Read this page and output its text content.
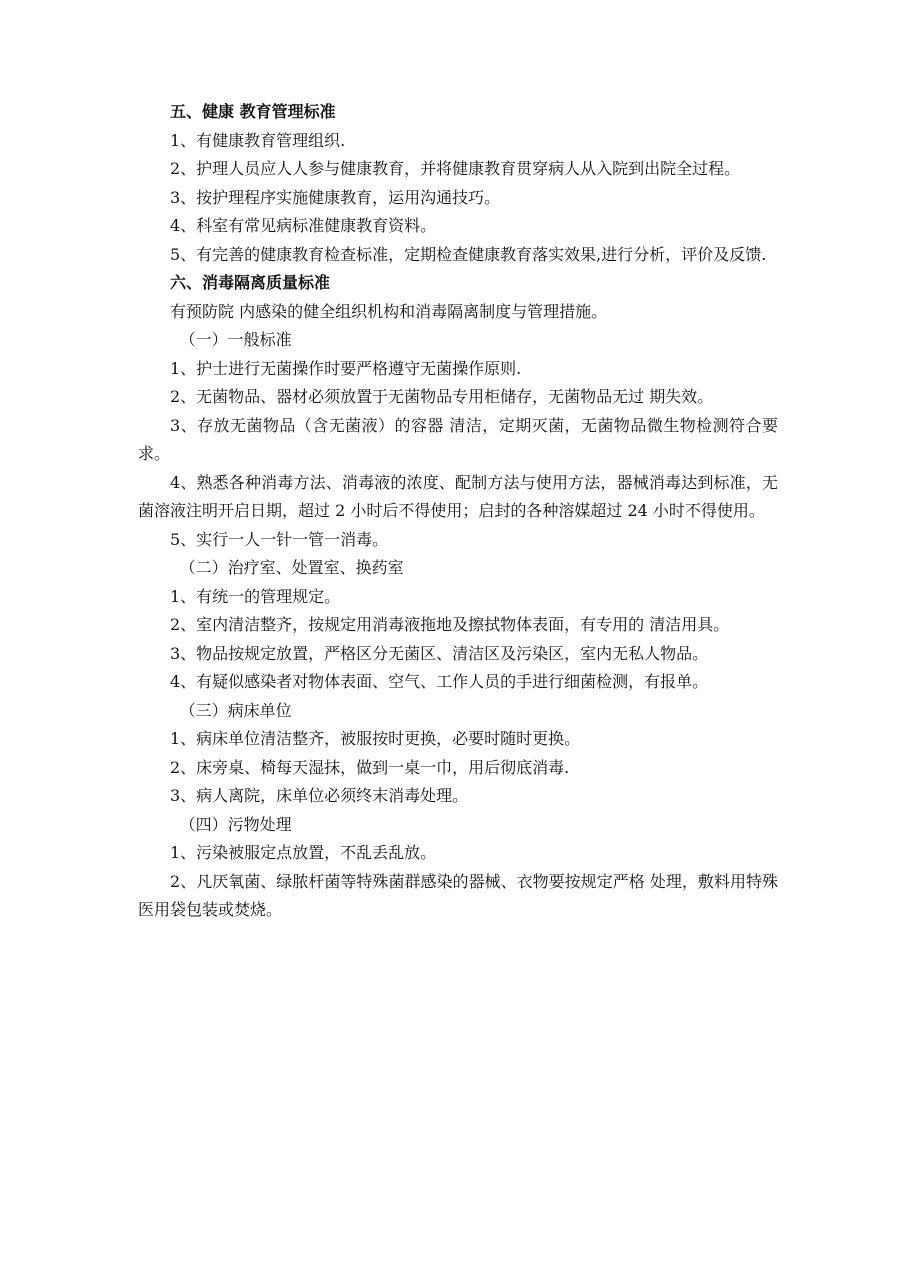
五、健康 教育管理标准

1、有健康教育管理组织.

2、护理人员应人人参与健康教育，并将健康教育贯穿病人从入院到出院全过程。

3、按护理程序实施健康教育，运用沟通技巧。

4、科室有常见病标准健康教育资料。

5、有完善的健康教育检查标准，定期检查健康教育落实效果,进行分析，评价及反馈.

六、消毒隔离质量标准

有预防院 内感染的健全组织机构和消毒隔离制度与管理措施。

（一）一般标准

1、护士进行无菌操作时要严格遵守无菌操作原则.

2、无菌物品、器材必须放置于无菌物品专用柜储存，无菌物品无过 期失效。

3、存放无菌物品（含无菌液）的容器 清洁，定期灭菌，无菌物品微生物检测符合要求。

4、熟悉各种消毒方法、消毒液的浓度、配制方法与使用方法，器械消毒达到标准，无菌溶液注明开启日期，超过 2 小时后不得使用；启封的各种溶媒超过 24 小时不得使用。

5、实行一人一针一管一消毒。

（二）治疗室、处置室、换药室

1、有统一的管理规定。

2、室内清洁整齐，按规定用消毒液拖地及擦拭物体表面，有专用的 清洁用具。

3、物品按规定放置，严格区分无菌区、清洁区及污染区，室内无私人物品。

4、有疑似感染者对物体表面、空气、工作人员的手进行细菌检测，有报单。

（三）病床单位

1、病床单位清洁整齐，被服按时更换，必要时随时更换。

2、床旁桌、椅每天湿抹，做到一桌一巾，用后彻底消毒.

3、病人离院，床单位必须终末消毒处理。

（四）污物处理

1、污染被服定点放置，不乱丢乱放。

2、凡厌氧菌、绿脓杆菌等特殊菌群感染的器械、衣物要按规定严格 处理，敷料用特殊医用袋包装或焚烧。
